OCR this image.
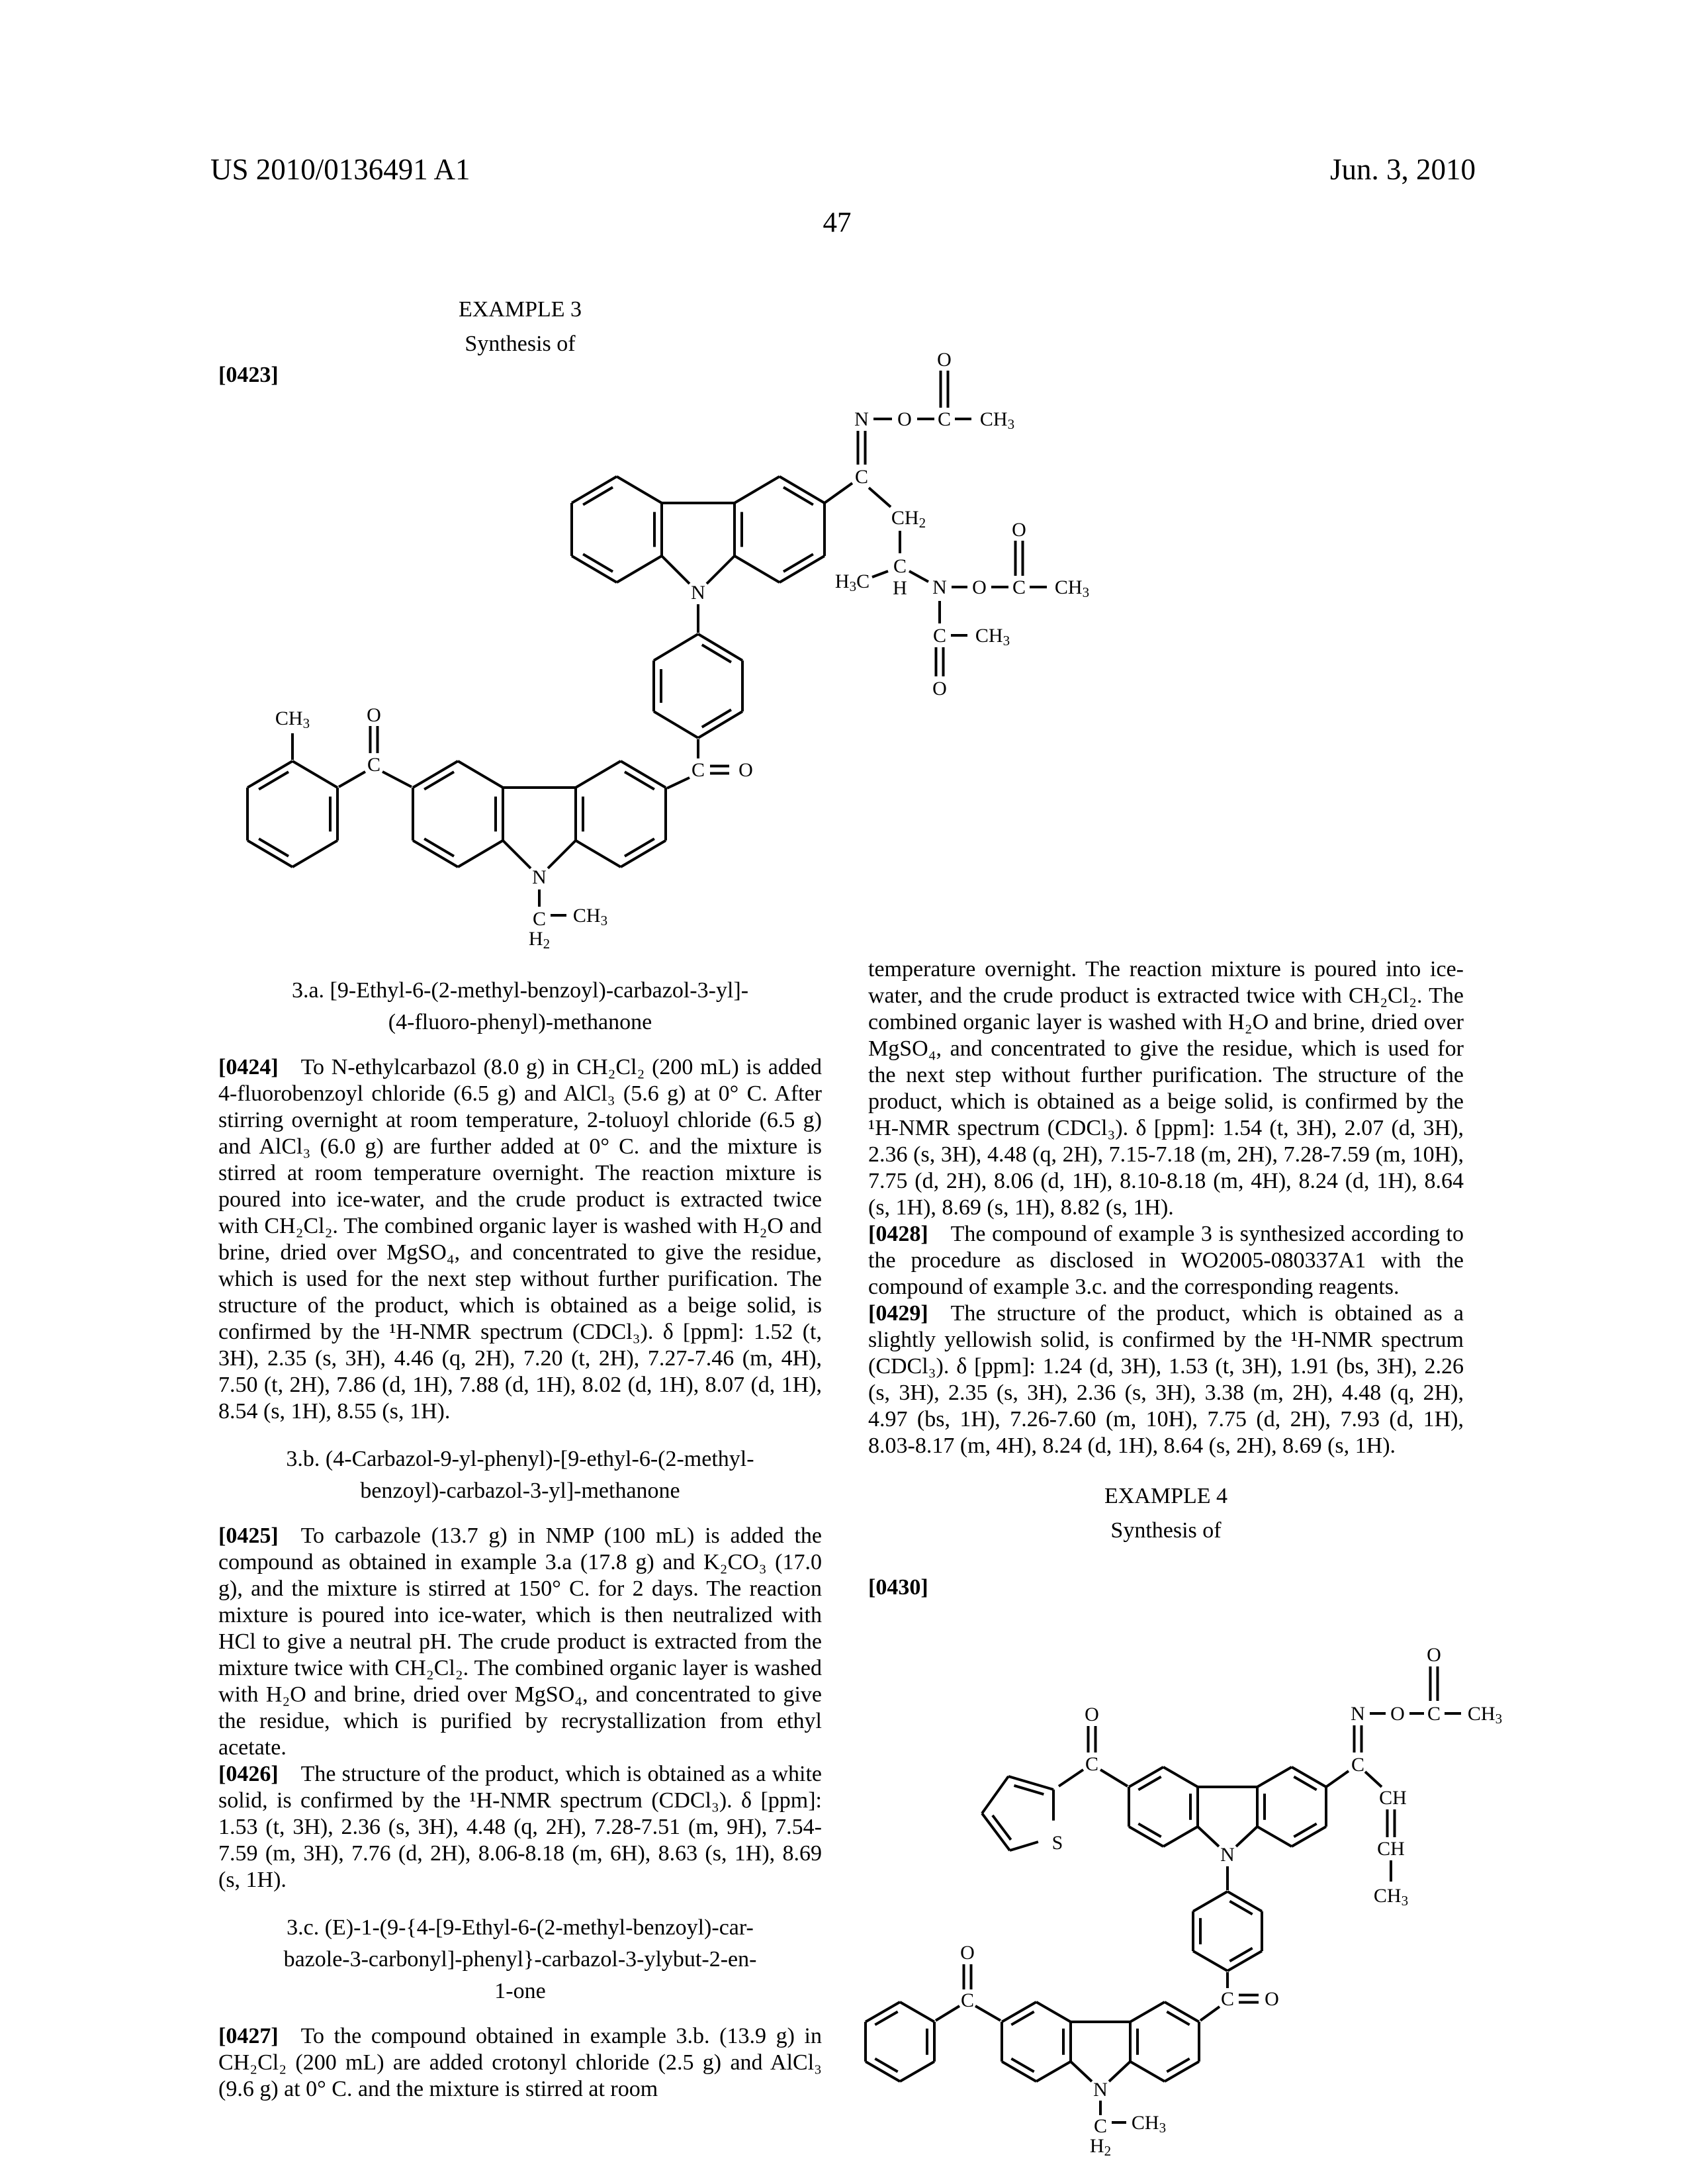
US 2010/0136491 A1	Jun. 3, 2010
47
EXAMPLE 3
Synthesis of
[0423]
C
N O C
O
$CH_3$
$CH_2$
C
H
$H_3C$	N O C
O
$CH_3$
C $CH_3$
O
N
C O
N
C
$H_2$
$CH_3$
C
O
$CH_3$
N
C
N O C
O
$CH_3$
CH
CH
$CH_3$
C
O
S
C O
N
C
$H_2$
$CH_3$
C
O
3.a. [9-Ethyl-6-(2-methyl-benzoyl)-carbazol-3-yl]-
(4-fluoro-phenyl)-methanone

[0424] To N-ethylcarbazol (8.0 g) in CH₂Cl₂ (200 mL) is added 4-fluorobenzoyl chloride (6.5 g) and AlCl₃ (5.6 g) at 0° C. After stirring overnight at room temperature, 2-toluoyl chloride (6.5 g) and AlCl₃ (6.0 g) are further added at 0° C. and the mixture is stirred at room temperature overnight. The reaction mixture is poured into ice-water, and the crude product is extracted twice with CH₂Cl₂. The combined organic layer is washed with H₂O and brine, dried over MgSO₄, and concentrated to give the residue, which is used for the next step without further purification. The structure of the product, which is obtained as a beige solid, is confirmed by the ¹H-NMR spectrum (CDCl₃). δ [ppm]: 1.52 (t, 3H), 2.35 (s, 3H), 4.46 (q, 2H), 7.20 (t, 2H), 7.27-7.46 (m, 4H), 7.50 (t, 2H), 7.86 (d, 1H), 7.88 (d, 1H), 8.02 (d, 1H), 8.07 (d, 1H), 8.54 (s, 1H), 8.55 (s, 1H).

3.b. (4-Carbazol-9-yl-phenyl)-[9-ethyl-6-(2-methyl-
benzoyl)-carbazol-3-yl]-methanone

[0425] To carbazole (13.7 g) in NMP (100 mL) is added the compound as obtained in example 3.a (17.8 g) and K₂CO₃ (17.0 g), and the mixture is stirred at 150° C. for 2 days. The reaction mixture is poured into ice-water, which is then neutralized with HCl to give a neutral pH. The crude product is extracted from the mixture twice with CH₂Cl₂. The combined organic layer is washed with H₂O and brine, dried over MgSO₄, and concentrated to give the residue, which is purified by recrystallization from ethyl acetate.

[0426] The structure of the product, which is obtained as a white solid, is confirmed by the ¹H-NMR spectrum (CDCl₃). δ [ppm]: 1.53 (t, 3H), 2.36 (s, 3H), 4.48 (q, 2H), 7.28-7.51 (m, 9H), 7.54-7.59 (m, 3H), 7.76 (d, 2H), 8.06-8.18 (m, 6H), 8.63 (s, 1H), 8.69 (s, 1H).

3.c. (E)-1-(9-{4-[9-Ethyl-6-(2-methyl-benzoyl)-car-
bazole-3-carbonyl]-phenyl}-carbazol-3-ylybut-2-en-
1-one

[0427] To the compound obtained in example 3.b. (13.9 g) in CH₂Cl₂ (200 mL) are added crotonyl chloride (2.5 g) and AlCl₃ (9.6 g) at 0° C. and the mixture is stirred at room

temperature overnight. The reaction mixture is poured into ice-water, and the crude product is extracted twice with CH₂Cl₂. The combined organic layer is washed with H₂O and brine, dried over MgSO₄, and concentrated to give the residue, which is used for the next step without further purification. The structure of the product, which is obtained as a beige solid, is confirmed by the ¹H-NMR spectrum (CDCl₃). δ [ppm]: 1.54 (t, 3H), 2.07 (d, 3H), 2.36 (s, 3H), 4.48 (q, 2H), 7.15-7.18 (m, 2H), 7.28-7.59 (m, 10H), 7.75 (d, 2H), 8.06 (d, 1H), 8.10-8.18 (m, 4H), 8.24 (d, 1H), 8.64 (s, 1H), 8.69 (s, 1H), 8.82 (s, 1H).

[0428] The compound of example 3 is synthesized according to the procedure as disclosed in WO2005-080337A1 with the compound of example 3.c. and the corresponding reagents.

[0429] The structure of the product, which is obtained as a slightly yellowish solid, is confirmed by the ¹H-NMR spectrum (CDCl₃). δ [ppm]: 1.24 (d, 3H), 1.53 (t, 3H), 1.91 (bs, 3H), 2.26 (s, 3H), 2.35 (s, 3H), 2.36 (s, 3H), 3.38 (m, 2H), 4.48 (q, 2H), 4.97 (bs, 1H), 7.26-7.60 (m, 10H), 7.75 (d, 2H), 7.93 (d, 1H), 8.03-8.17 (m, 4H), 8.24 (d, 1H), 8.64 (s, 2H), 8.69 (s, 1H).

EXAMPLE 4
Synthesis of
[0430]
